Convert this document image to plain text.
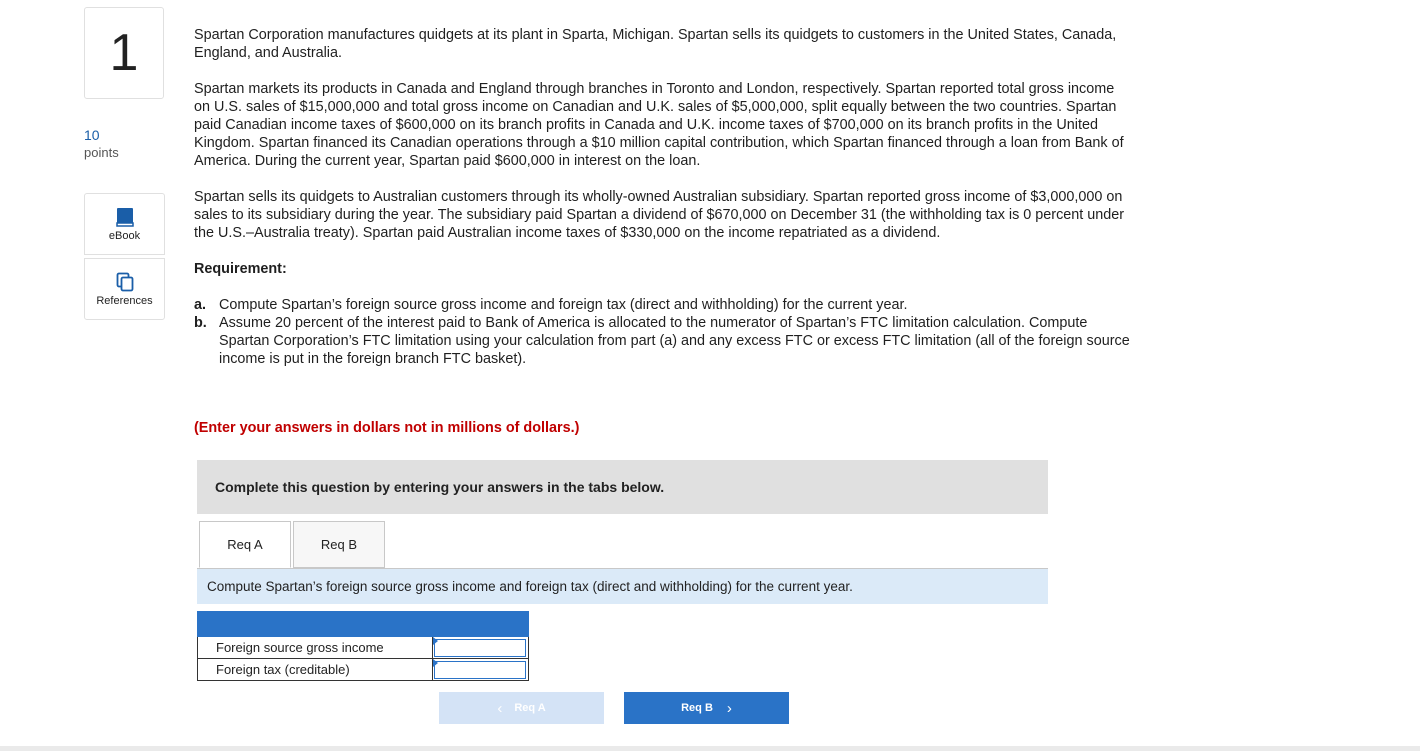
1
10
points
eBook
References

Spartan Corporation manufactures quidgets at its plant in Sparta, Michigan. Spartan sells its quidgets to customers in the United States, Canada, England, and Australia.

Spartan markets its products in Canada and England through branches in Toronto and London, respectively. Spartan reported total gross income on U.S. sales of $15,000,000 and total gross income on Canadian and U.K. sales of $5,000,000, split equally between the two countries. Spartan paid Canadian income taxes of $600,000 on its branch profits in Canada and U.K. income taxes of $700,000 on its branch profits in the United Kingdom. Spartan financed its Canadian operations through a $10 million capital contribution, which Spartan financed through a loan from Bank of America. During the current year, Spartan paid $600,000 in interest on the loan.

Spartan sells its quidgets to Australian customers through its wholly-owned Australian subsidiary. Spartan reported gross income of $3,000,000 on sales to its subsidiary during the year. The subsidiary paid Spartan a dividend of $670,000 on December 31 (the withholding tax is 0 percent under the U.S.–Australia treaty). Spartan paid Australian income taxes of $330,000 on the income repatriated as a dividend.

Requirement:
a. Compute Spartan’s foreign source gross income and foreign tax (direct and withholding) for the current year.
b. Assume 20 percent of the interest paid to Bank of America is allocated to the numerator of Spartan’s FTC limitation calculation. Compute Spartan Corporation’s FTC limitation using your calculation from part (a) and any excess FTC or excess FTC limitation (all of the foreign source income is put in the foreign branch FTC basket).
(Enter your answers in dollars not in millions of dollars.)
Complete this question by entering your answers in the tabs below.
Req A	Req B
Compute Spartan’s foreign source gross income and foreign tax (direct and withholding) for the current year.

Foreign source gross income	

Foreign tax (creditable)	
‹ Req A	Req B ›
